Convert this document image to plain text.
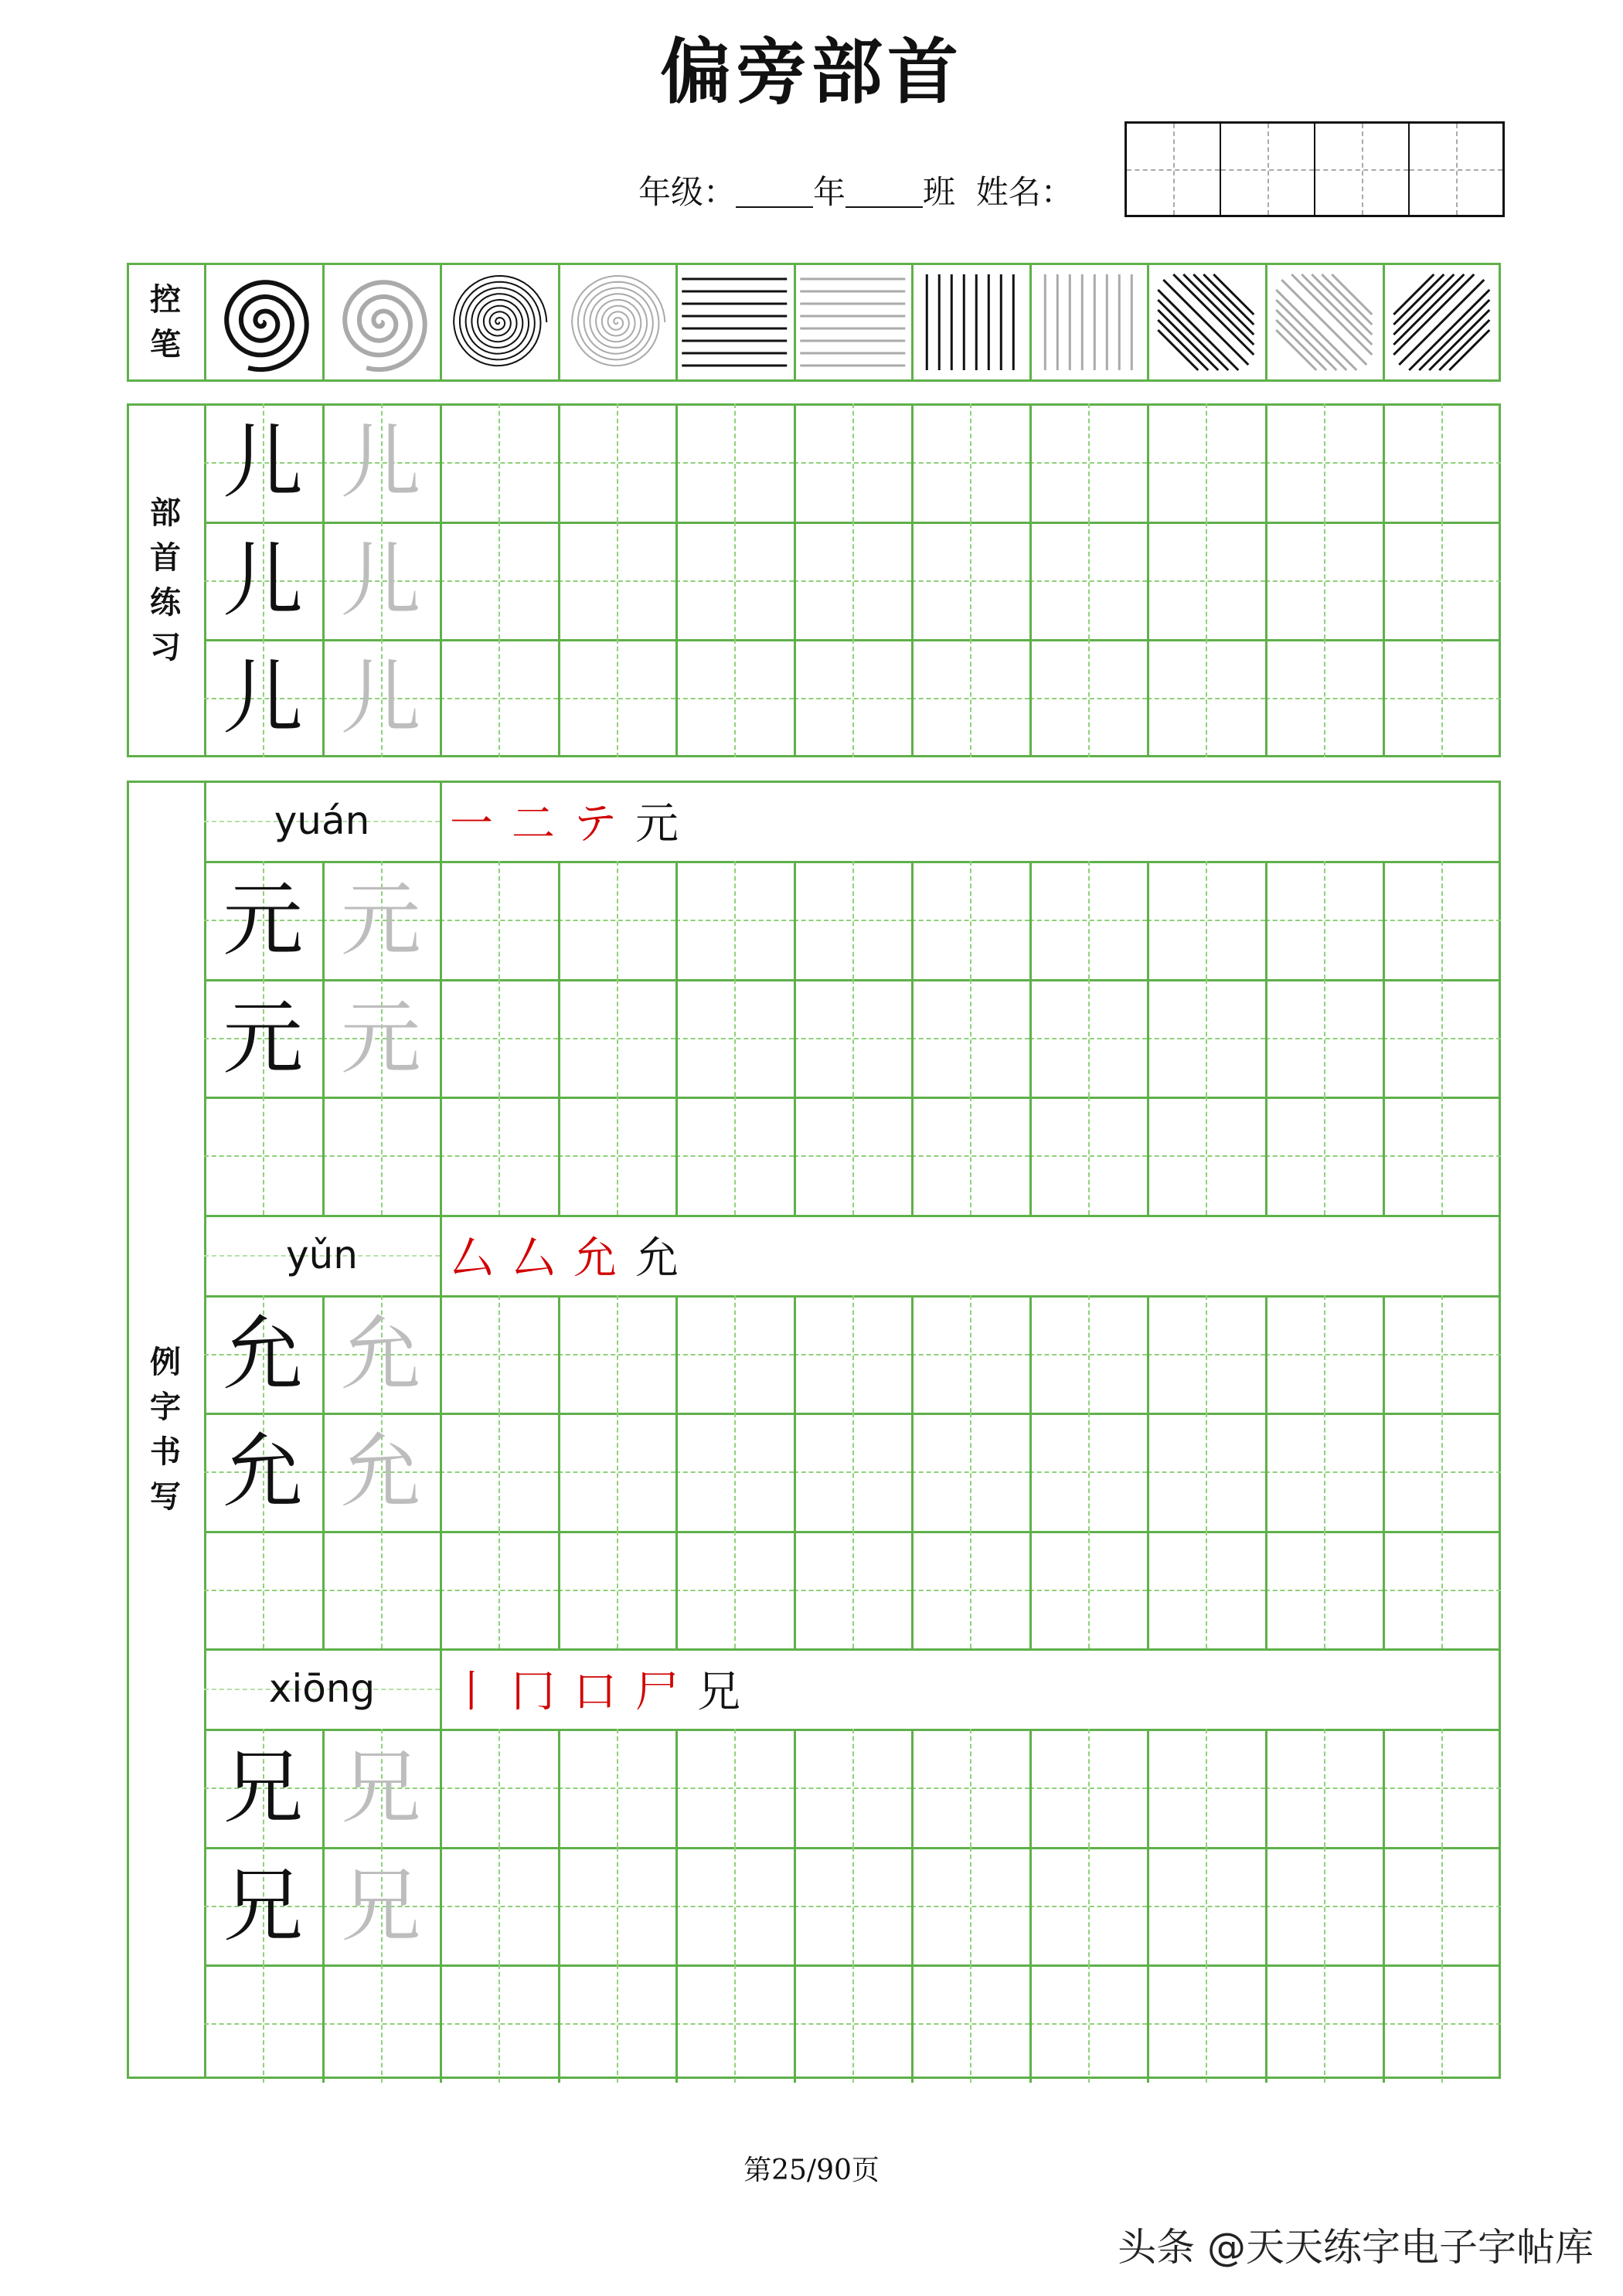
偏旁部首
年级： 年 班 姓名：
第25/90页
头条 @天天练字电子字帖库
控
笔
部
首
练
习
儿 儿
儿 儿
儿 儿
例
字
书
写
yuán	一 二 テ 元
元 元
元 元
yǔn	厶 厶 允 允
允 允
允 允
xiōng	丨 冂 口 尸 兄
兄 兄
兄 兄
